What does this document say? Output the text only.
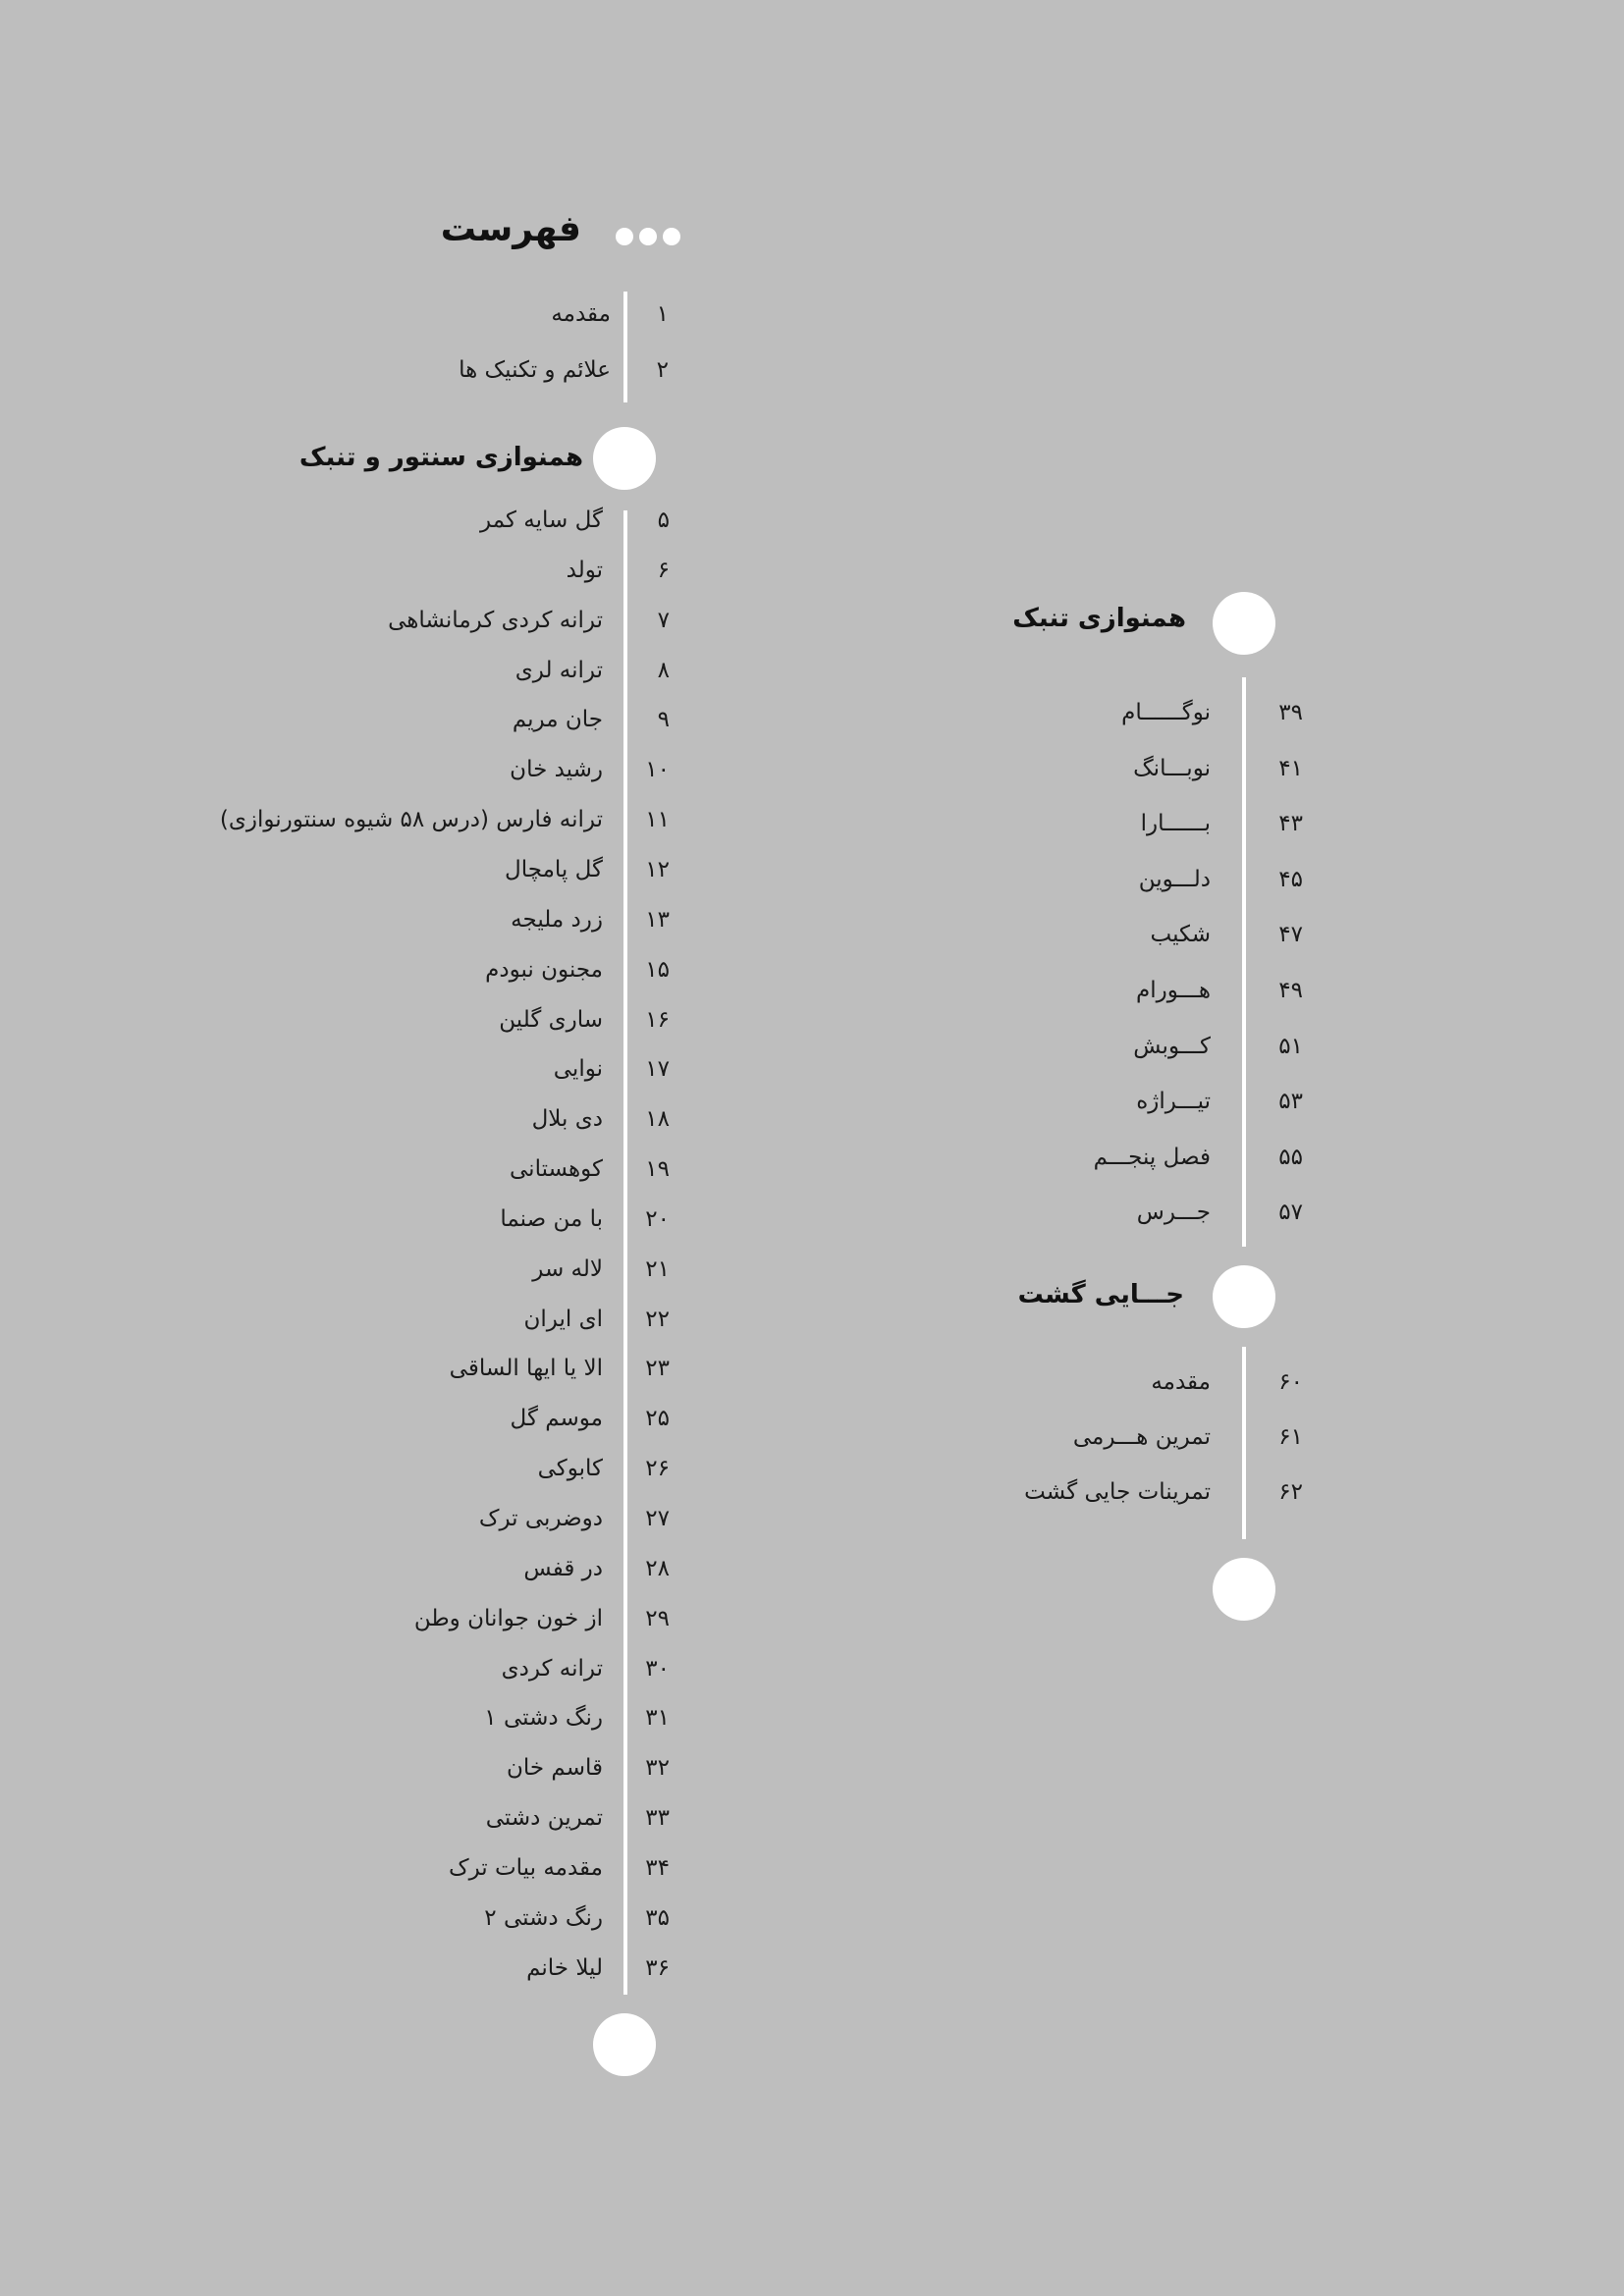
فهرست
۱
مقدمه
۲
علائم و تکنیک ها
همنوازی سنتور و تنبک
۵
گل سایه کمر
۶
تولد
۷
ترانه کردی کرمانشاهی
۸
ترانه لری
۹
جان مریم
۱۰
رشید خان
۱۱
ترانه فارس (درس ۵۸ شیوه سنتورنوازی)
۱۲
گل پامچال
۱۳
زرد ملیجه
۱۵
مجنون نبودم
۱۶
ساری گلین
۱۷
نوایی
۱۸
دی بلال
۱۹
کوهستانی
۲۰
با من صنما
۲۱
لاله سر
۲۲
ای ایران
۲۳
الا یا ایها الساقی
۲۵
موسم گل
۲۶
کابوکی
۲۷
دوضربی ترک
۲۸
در قفس
۲۹
از خون جوانان وطن
۳۰
ترانه کردی
۳۱
رنگ دشتی ۱
۳۲
قاسم خان
۳۳
تمرین دشتی
۳۴
مقدمه بیات ترک
۳۵
رنگ دشتی ۲
۳۶
لیلا خانم
همنوازی تنبک
۳۹
نوگــــــام
۴۱
نوبـــانگ
۴۳
بــــــارا
۴۵
دلـــوین
۴۷
شکیب
۴۹
هـــورام
۵۱
کـــوبش
۵۳
تیـــراژه
۵۵
فصل پنجـــم
۵۷
جـــرس
جـــایی گشت
۶۰
مقدمه
۶۱
تمرین هـــرمی
۶۲
تمرینات جایی گشت
